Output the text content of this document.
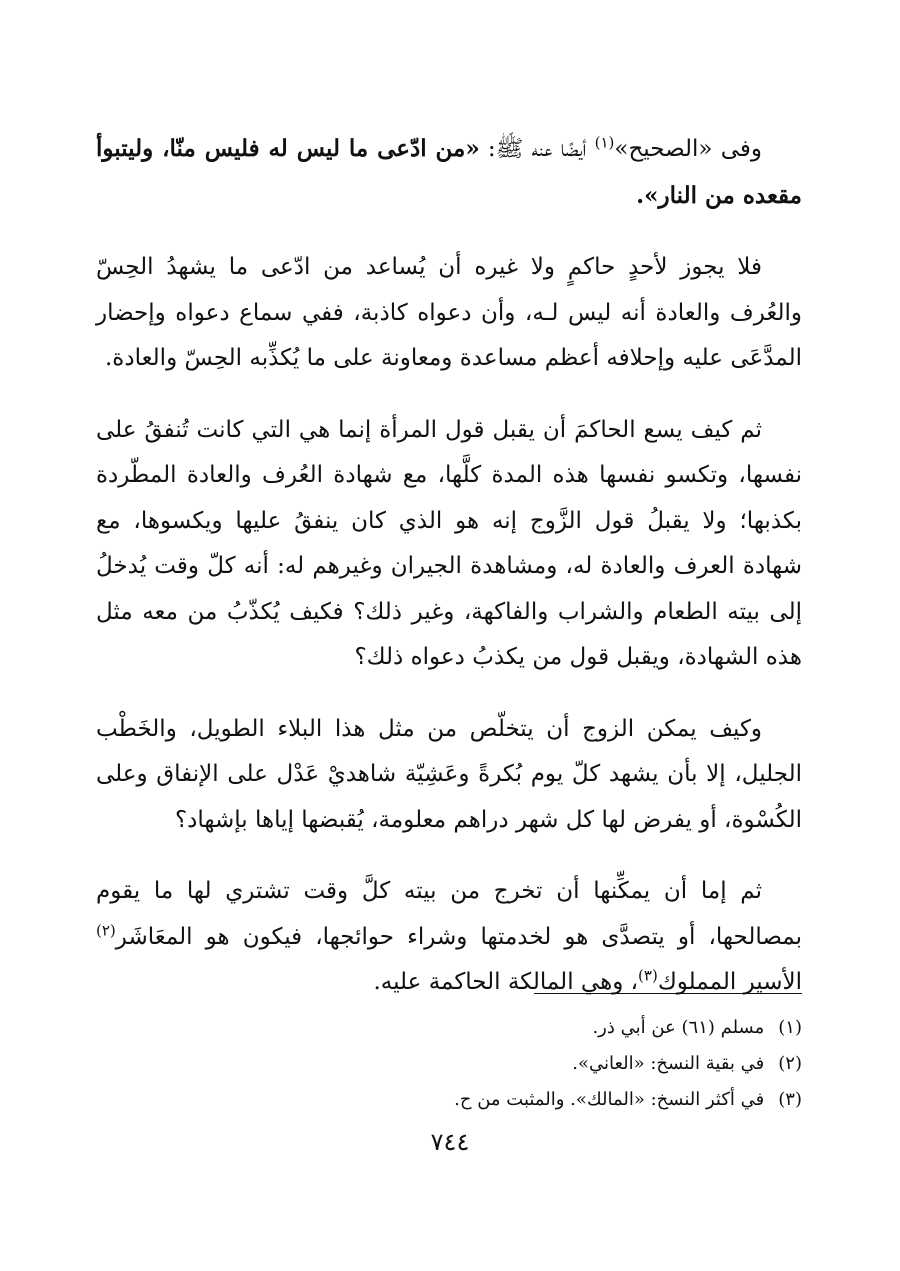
وفى «الصحيح»$^{(١)}$ أيضًا عنه ﷺ: «من ادّعى ما ليس له فليس منّا، وليتبوأ مقعده من النار».

فلا يجوز لأحدٍ حاكمٍ ولا غيره أن يُساعد من ادّعى ما يشهدُ الحِسّ والعُرف والعادة أنه ليس لـه، وأن دعواه كاذبة، ففي سماع دعواه وإحضار المدَّعَى عليه وإحلافه أعظم مساعدة ومعاونة على ما يُكذِّبه الحِسّ والعادة.

ثم كيف يسع الحاكمَ أن يقبل قول المرأة إنما هي التي كانت تُنفقُ على نفسها، وتكسو نفسها هذه المدة كلَّها، مع شهادة العُرف والعادة المطّردة بكذبها؛ ولا يقبلُ قول الزَّوج إنه هو الذي كان ينفقُ عليها ويكسوها، مع شهادة العرف والعادة له، ومشاهدة الجيران وغيرهم له: أنه كلّ وقت يُدخلُ إلى بيته الطعام والشراب والفاكهة، وغير ذلك؟ فكيف يُكذّبُ من معه مثل هذه الشهادة، ويقبل قول من يكذبُ دعواه ذلك؟

وكيف يمكن الزوج أن يتخلّص من مثل هذا البلاء الطويل، والخَطْب الجليل، إلا بأن يشهد كلّ يوم بُكرةً وعَشِيّة شاهديْ عَدْل على الإنفاق وعلى الكُسْوة، أو يفرض لها كل شهر دراهم معلومة، يُقبضها إياها بإشهاد؟

ثم إما أن يمكِّنها أن تخرج من بيته كلَّ وقت تشتري لها ما يقوم بمصالحها، أو يتصدَّى هو لخدمتها وشراء حوائجها، فيكون هو المعَاشَر$^{(٢)}$ الأسير المملوك$^{(٣)}$، وهي المالكة الحاكمة عليه.

(١)مسلم (٦١) عن أبي ذر.
(٢)في بقية النسخ: «العاني».
(٣)في أكثر النسخ: «المالك». والمثبت من ح.
٧٤٤
